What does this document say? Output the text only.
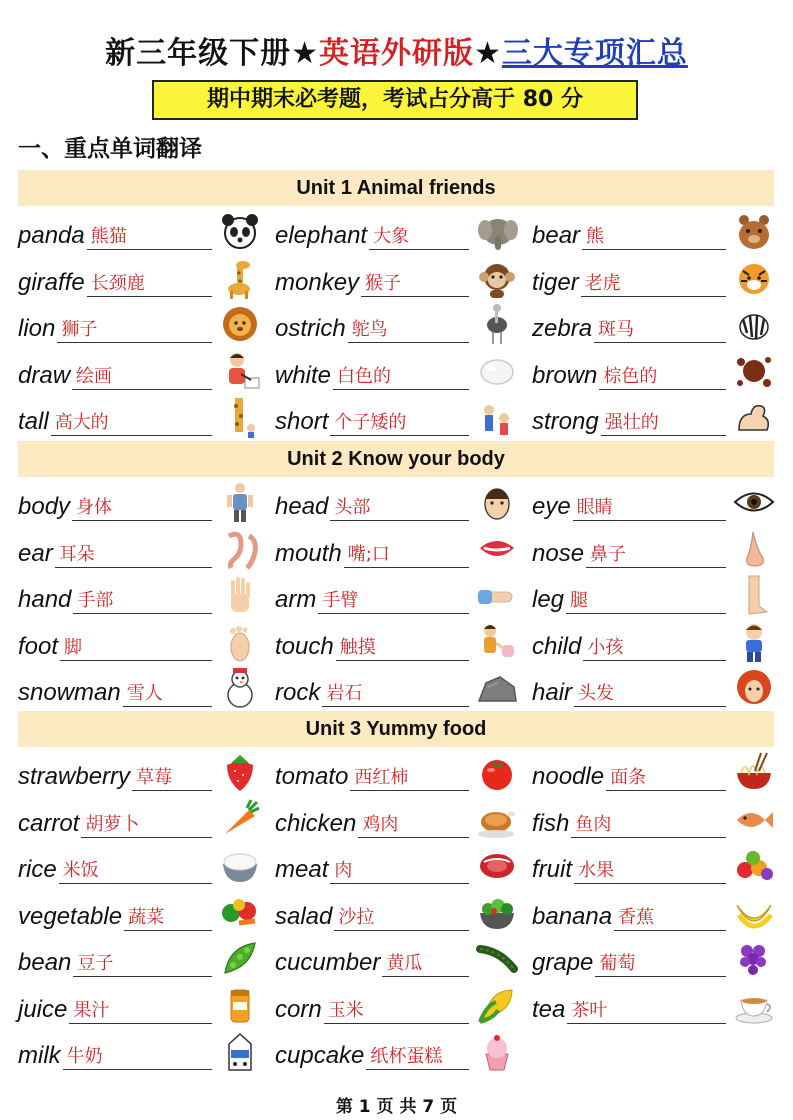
新三年级下册★英语外研版★三大专项汇总
期中期末必考题，考试占分高于 80 分
一、重点单词翻译
Unit 1 Animal friends
panda 熊猫	elephant 大象	bear 熊
giraffe 长颈鹿	monkey 猴子	tiger 老虎
lion 狮子	ostrich 鸵鸟	zebra 斑马
draw 绘画	white 白色的	brown 棕色的
tall 高大的	short 个子矮的	strong 强壮的
Unit 2 Know your body
body 身体	head 头部	eye 眼睛
ear 耳朵	mouth 嘴;口	nose 鼻子
hand 手部	arm 手臂	leg 腿
foot 脚	touch 触摸	child 小孩
snowman 雪人	rock 岩石	hair 头发
Unit 3 Yummy food
strawberry 草莓	tomato 西红柿	noodle 面条
carrot 胡萝卜	chicken 鸡肉	fish 鱼肉
rice 米饭	meat 肉	fruit 水果
vegetable 蔬菜	salad 沙拉	banana 香蕉
bean 豆子	cucumber 黄瓜	grape 葡萄
juice 果汁	corn 玉米	tea 茶叶
milk 牛奶	cupcake 纸杯蛋糕
第 1 页 共 7 页
